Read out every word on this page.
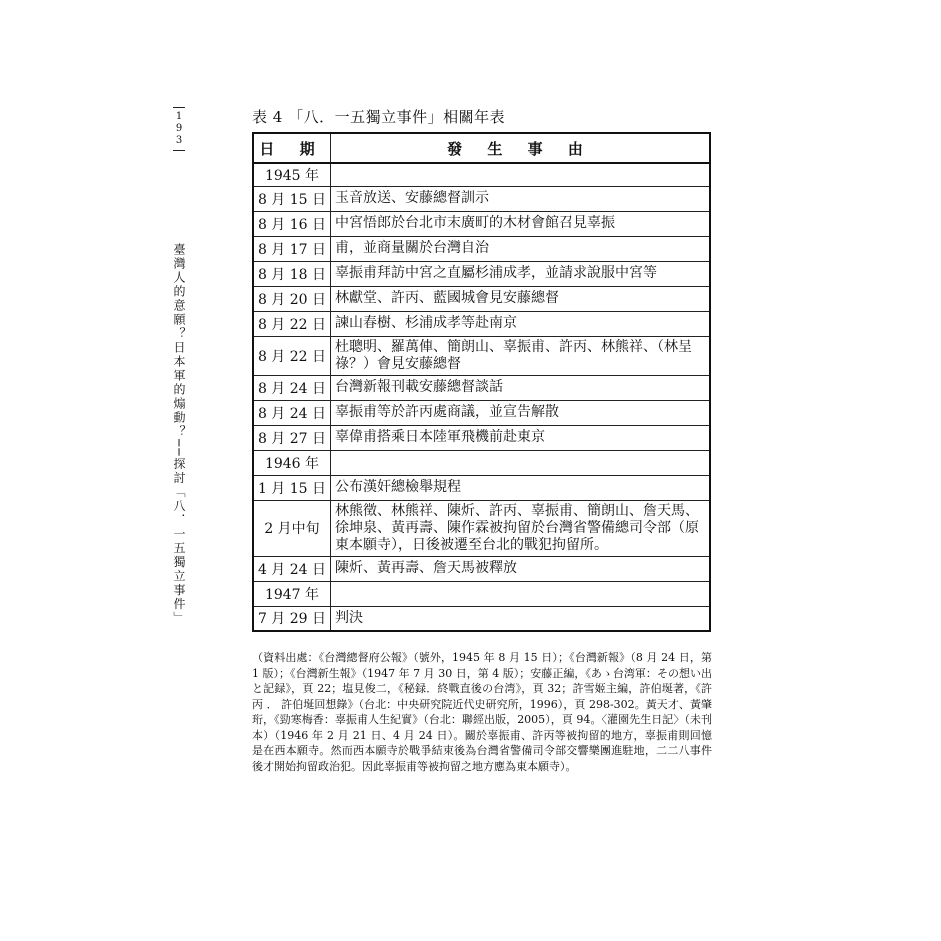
1
9
3
臺灣人的意願？日本軍的煽動？──探討「八．一五獨立事件」
表 4 「八．一五獨立事件」相關年表
日 期	發 生 事 由
1945 年	
8 月 15 日	玉音放送、安藤總督訓示
8 月 16 日	中宮悟郎於台北市末廣町的木材會館召見辜振
8 月 17 日	甫，並商量關於台灣自治
8 月 18 日	辜振甫拜訪中宮之直屬杉浦成孝，並請求說服中宮等
8 月 20 日	林獻堂、許丙、藍國城會見安藤總督
8 月 22 日	諫山春樹、杉浦成孝等赴南京
8 月 22 日	杜聰明、羅萬俥、簡朗山、辜振甫、許丙、林熊祥、（林呈祿？）會見安藤總督
8 月 24 日	台灣新報刊載安藤總督談話
8 月 24 日	辜振甫等於許丙處商議，並宣告解散
8 月 27 日	辜偉甫搭乘日本陸軍飛機前赴東京
1946 年	
1 月 15 日	公布漢奸總檢舉規程
2 月中旬	林熊徵、林熊祥、陳炘、許丙、辜振甫、簡朗山、詹天馬、徐坤泉、黃再壽、陳作霖被拘留於台灣省警備總司令部（原東本願寺），日後被遷至台北的戰犯拘留所。
4 月 24 日	陳炘、黃再壽、詹天馬被釋放
1947 年	
7 月 29 日	判決
（資料出處：《台灣總督府公報》（號外，1945 年 8 月 15 日）；《台灣新報》（8 月 24 日，第 1 版）；《台灣新生報》（1947 年 7 月 30 日，第 4 版）；安藤正編，《あゝ台湾軍：その想い出と記録》，頁 22；塩見俊二，《秘録．終戰直後の台湾》，頁 32；許雪姬主編，許伯埏著，《許丙 ． 許伯埏回想錄》（台北：中央研究院近代史研究所，1996），頁 298-302。黃天才、黃肇珩，《勁寒梅香：辜振甫人生紀實》（台北：聯經出版，2005），頁 94。〈灌園先生日記〉（未刊本）（1946 年 2 月 21 日、4 月 24 日）。關於辜振甫、許丙等被拘留的地方，辜振甫則回憶是在西本願寺。然而西本願寺於戰爭結束後為台灣省警備司令部交響樂團進駐地，二二八事件後才開始拘留政治犯。因此辜振甫等被拘留之地方應為東本願寺）。
